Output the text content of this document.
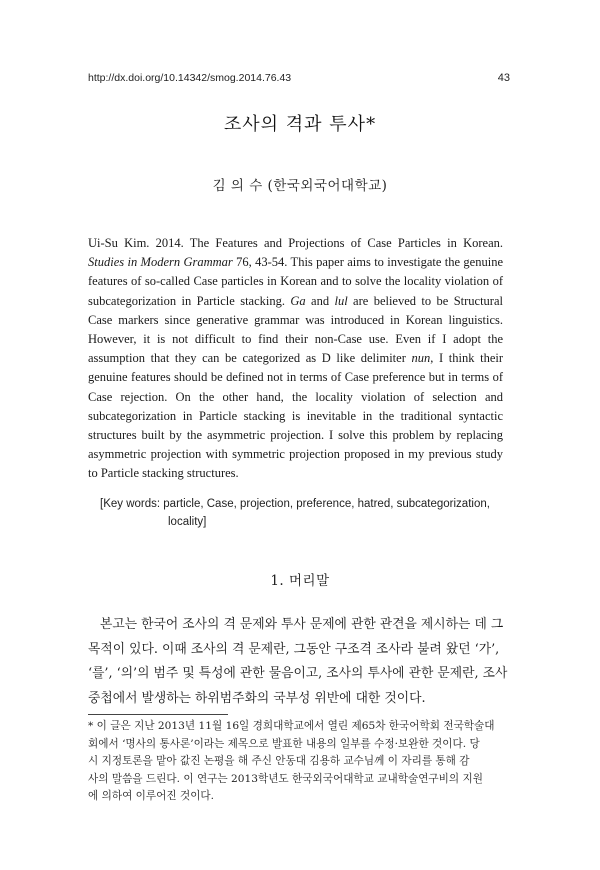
http://dx.doi.org/10.14342/smog.2014.76.43	43
조사의 격과 투사*
김 의 수 (한국외국어대학교)
Ui-Su Kim. 2014. The Features and Projections of Case Particles in Korean. Studies in Modern Grammar 76, 43-54. This paper aims to investigate the genuine features of so-called Case particles in Korean and to solve the locality violation of subcategorization in Particle stacking. Ga and lul are believed to be Structural Case markers since generative grammar was introduced in Korean linguistics. However, it is not difficult to find their non-Case use. Even if I adopt the assumption that they can be categorized as D like delimiter nun, I think their genuine features should be defined not in terms of Case preference but in terms of Case rejection. On the other hand, the locality violation of selection and subcategorization in Particle stacking is inevitable in the traditional syntactic structures built by the asymmetric projection. I solve this problem by replacing asymmetric projection with symmetric projection proposed in my previous study to Particle stacking structures.
[Key words: particle, Case, projection, preference, hatred, subcategorization,
locality]
1. 머리말
본고는 한국어 조사의 격 문제와 투사 문제에 관한 관견을 제시하는 데 그
목적이 있다. 이때 조사의 격 문제란, 그동안 구조격 조사라 불려 왔던 ‘가’,
‘를’, ‘의’의 범주 및 특성에 관한 물음이고, 조사의 투사에 관한 문제란, 조사
중첩에서 발생하는 하위범주화의 국부성 위반에 대한 것이다.
* 이 글은 지난 2013년 11월 16일 경희대학교에서 열린 제65차 한국어학회 전국학술대
회에서 ‘명사의 통사론’이라는 제목으로 발표한 내용의 일부를 수정·보완한 것이다. 당
시 지정토론을 맡아 값진 논평을 해 주신 안동대 김용하 교수님께 이 자리를 통해 감
사의 말씀을 드린다. 이 연구는 2013학년도 한국외국어대학교 교내학술연구비의 지원
에 의하여 이루어진 것이다.
